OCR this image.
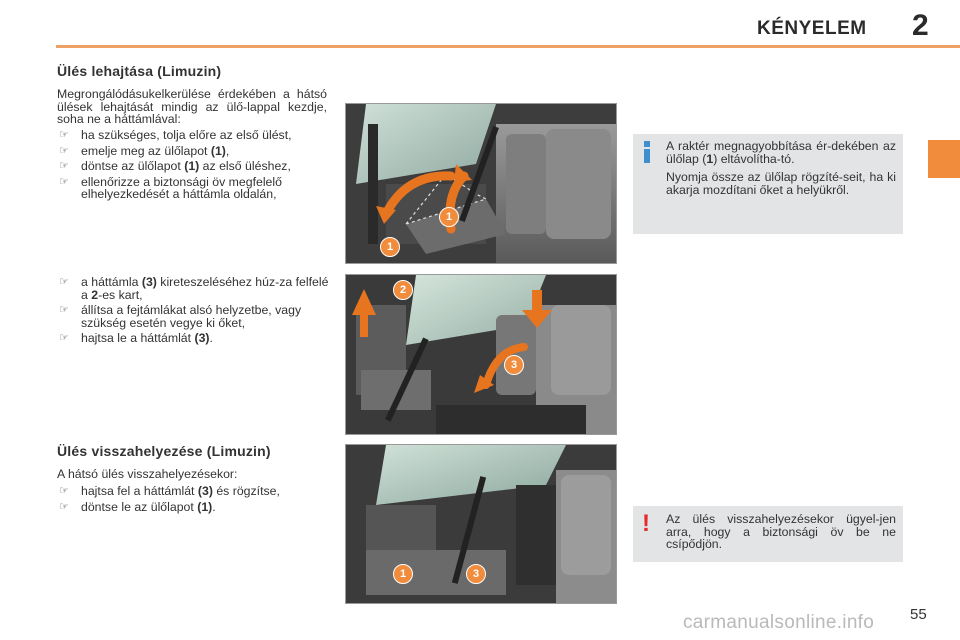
KÉNYELEM 2
Ülés lehajtása (Limuzin)
Megrongálódásukelkerülése érdekében a hátsó ülések lehajtását mindig az ülő-lappal kezdje, soha ne a háttámlával:
☞ ha szükséges, tolja előre az első ülést,
☞ emelje meg az ülőlapot (1),
☞ döntse az ülőlapot (1) az első üléshez,
☞ ellenőrizze a biztonsági öv megfelelő elhelyezkedését a háttámla oldalán,
☞ a háttámla (3) kireteszeléséhez húz-za felfelé a 2-es kart,
☞ állítsa a fejtámlákat alsó helyzetbe, vagy szükség esetén vegye ki őket,
☞ hajtsa le a háttámlát (3).
Ülés visszahelyezése (Limuzin)
A hátsó ülés visszahelyezésekor:
☞ hajtsa fel a háttámlát (3) és rögzítse,
☞ döntse le az ülőlapot (1).
1
1
2
3
1	3

A raktér megnagyobbítása ér-dekében az ülőlap (1) eltávolítha-tó.

Nyomja össze az ülőlap rögzíté-seit, ha ki akarja mozdítani őket a helyükről.

! Az ülés visszahelyezésekor ügyel-jen arra, hogy a biztonsági öv be ne csípődjön.
carmanualsonline.info 55
